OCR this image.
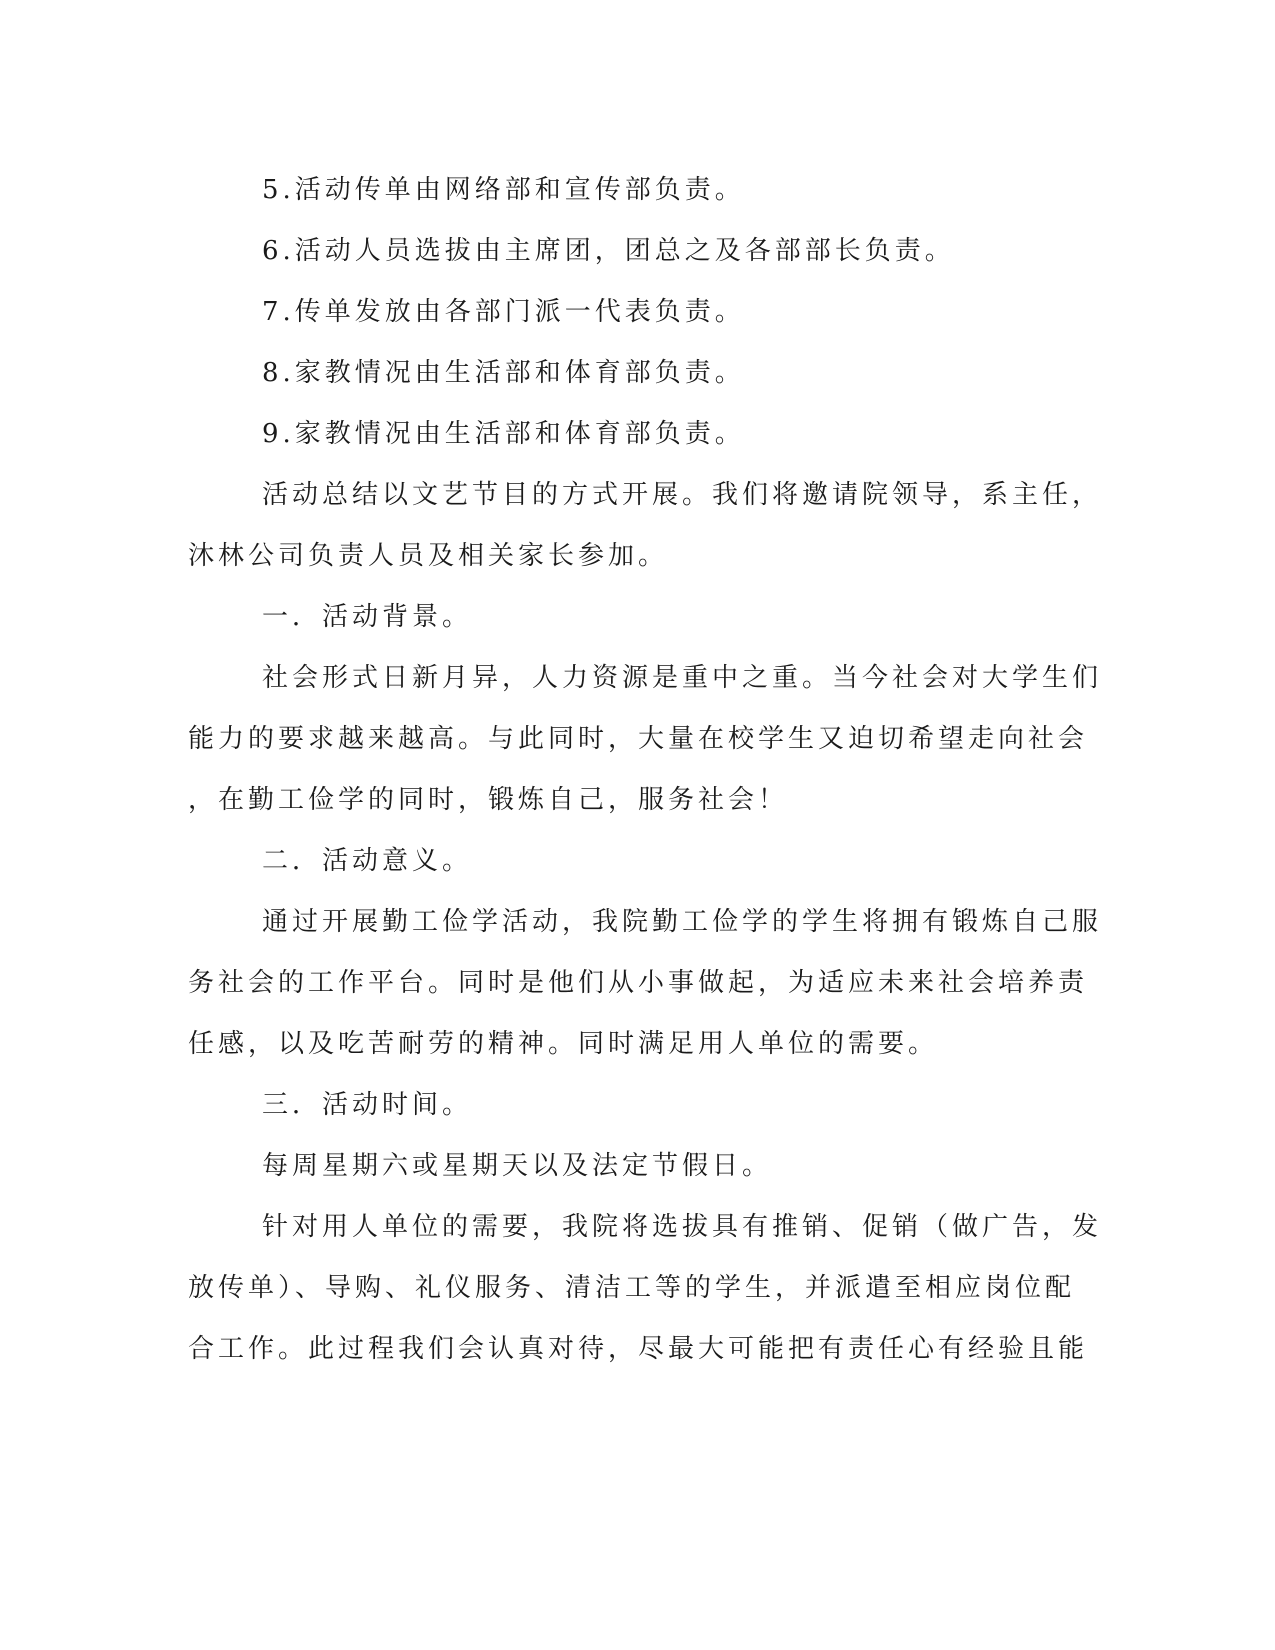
5.活动传单由网络部和宣传部负责。
6.活动人员选拔由主席团，团总之及各部部长负责。
7.传单发放由各部门派一代表负责。
8.家教情况由生活部和体育部负责。
9.家教情况由生活部和体育部负责。
活动总结以文艺节目的方式开展。我们将邀请院领导，系主任，
沐林公司负责人员及相关家长参加。
一．活动背景。
社会形式日新月异，人力资源是重中之重。当今社会对大学生们
能力的要求越来越高。与此同时，大量在校学生又迫切希望走向社会
，在勤工俭学的同时，锻炼自己，服务社会！
二．活动意义。
通过开展勤工俭学活动，我院勤工俭学的学生将拥有锻炼自己服
务社会的工作平台。同时是他们从小事做起，为适应未来社会培养责
任感，以及吃苦耐劳的精神。同时满足用人单位的需要。
三．活动时间。
每周星期六或星期天以及法定节假日。
针对用人单位的需要，我院将选拔具有推销、促销（做广告，发
放传单）、导购、礼仪服务、清洁工等的学生，并派遣至相应岗位配
合工作。此过程我们会认真对待，尽最大可能把有责任心有经验且能
